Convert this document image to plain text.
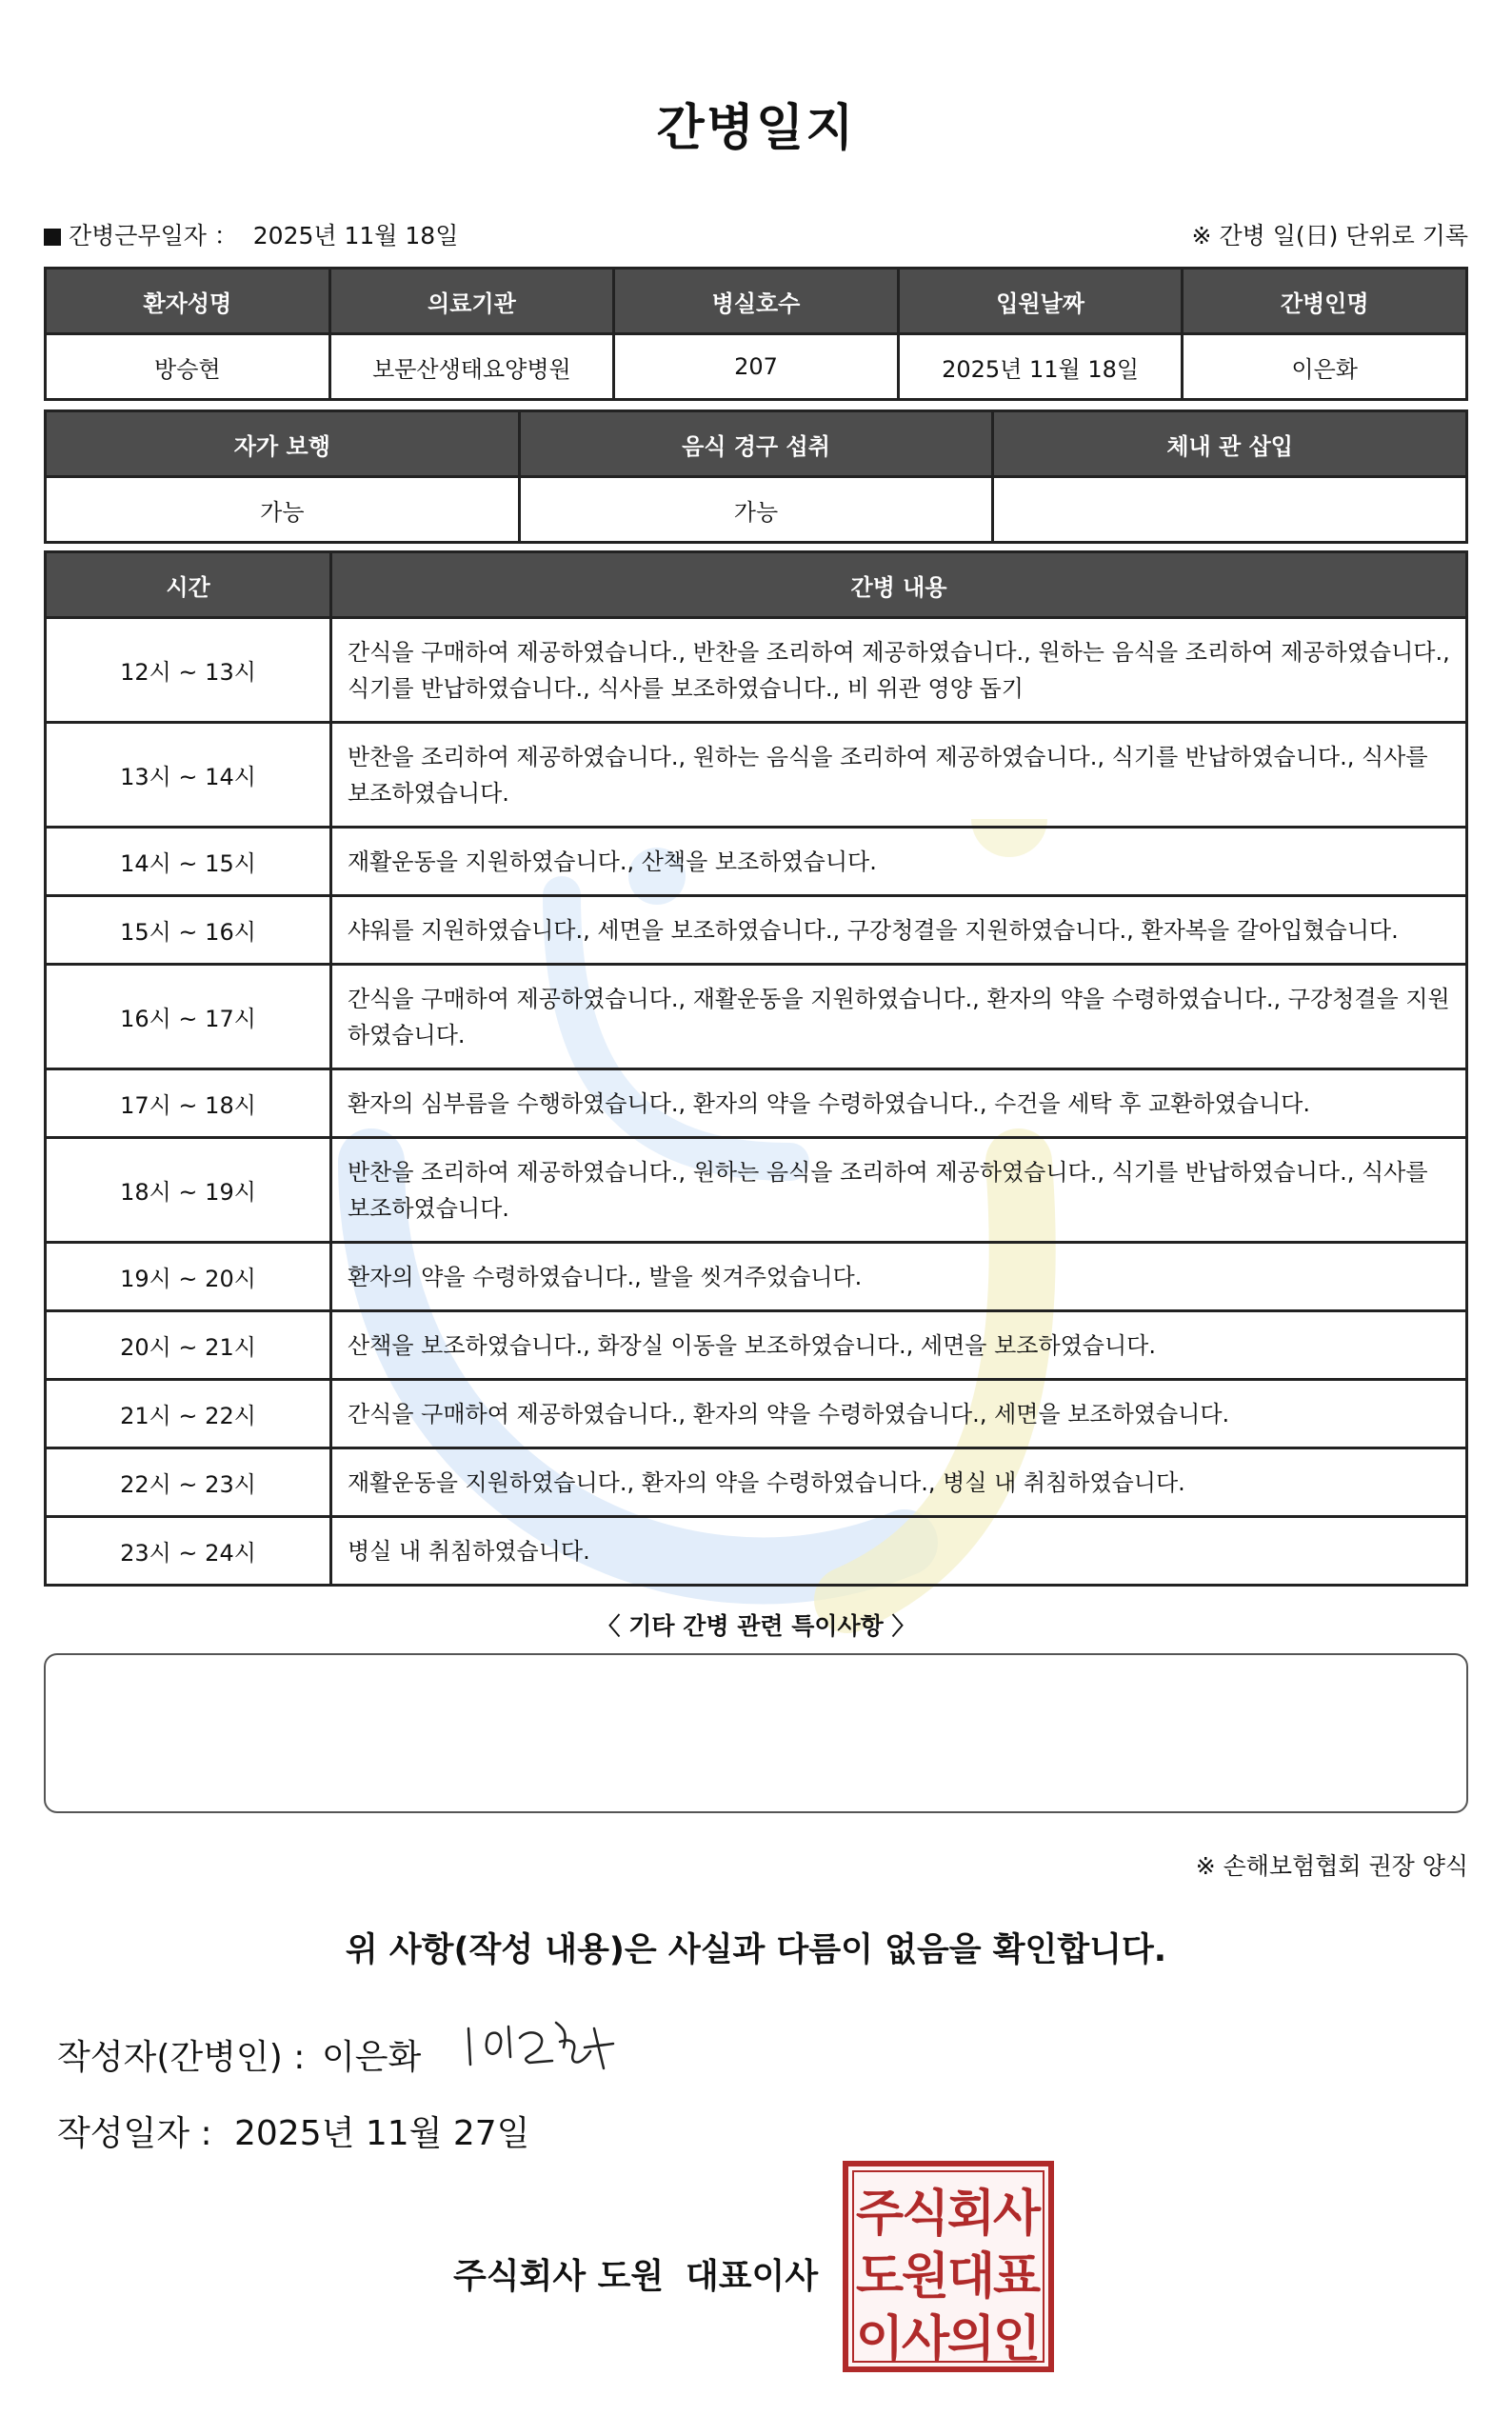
간병일지
간병근무일자 ： 2025년 11월 18일	※ 간병 일(日) 단위로 기록
환자성명	의료기관	병실호수	입원날짜	간병인명
방승현	보문산생태요양병원	207	2025년 11월 18일	이은화
자가 보행	음식 경구 섭취	체내 관 삽입
가능	가능	
시간	간병 내용
12시 ~ 13시	간식을 구매하여 제공하였습니다., 반찬을 조리하여 제공하였습니다., 원하는 음식을 조리하여 제공하였습니다., 식기를 반납하였습니다., 식사를 보조하였습니다., 비 위관 영양 돕기
13시 ~ 14시	반찬을 조리하여 제공하였습니다., 원하는 음식을 조리하여 제공하였습니다., 식기를 반납하였습니다., 식사를 보조하였습니다.
14시 ~ 15시	재활운동을 지원하였습니다., 산책을 보조하였습니다.
15시 ~ 16시	샤워를 지원하였습니다., 세면을 보조하였습니다., 구강청결을 지원하였습니다., 환자복을 갈아입혔습니다.
16시 ~ 17시	간식을 구매하여 제공하였습니다., 재활운동을 지원하였습니다., 환자의 약을 수령하였습니다., 구강청결을 지원하였습니다.
17시 ~ 18시	환자의 심부름을 수행하였습니다., 환자의 약을 수령하였습니다., 수건을 세탁 후 교환하였습니다.
18시 ~ 19시	반찬을 조리하여 제공하였습니다., 원하는 음식을 조리하여 제공하였습니다., 식기를 반납하였습니다., 식사를 보조하였습니다.
19시 ~ 20시	환자의 약을 수령하였습니다., 발을 씻겨주었습니다.
20시 ~ 21시	산책을 보조하였습니다., 화장실 이동을 보조하였습니다., 세면을 보조하였습니다.
21시 ~ 22시	간식을 구매하여 제공하였습니다., 환자의 약을 수령하였습니다., 세면을 보조하였습니다.
22시 ~ 23시	재활운동을 지원하였습니다., 환자의 약을 수령하였습니다., 병실 내 취침하였습니다.
23시 ~ 24시	병실 내 취침하였습니다.
〈 기타 간병 관련 특이사항 〉
※ 손해보험협회 권장 양식
위 사항(작성 내용)은 사실과 다름이 없음을 확인합니다.
작성자(간병인) : 이은화
작성일자 : 2025년 11월 27일
주식회사 도원 대표이사
주
식
회
사
도
원
대
표
이
사
의
인
